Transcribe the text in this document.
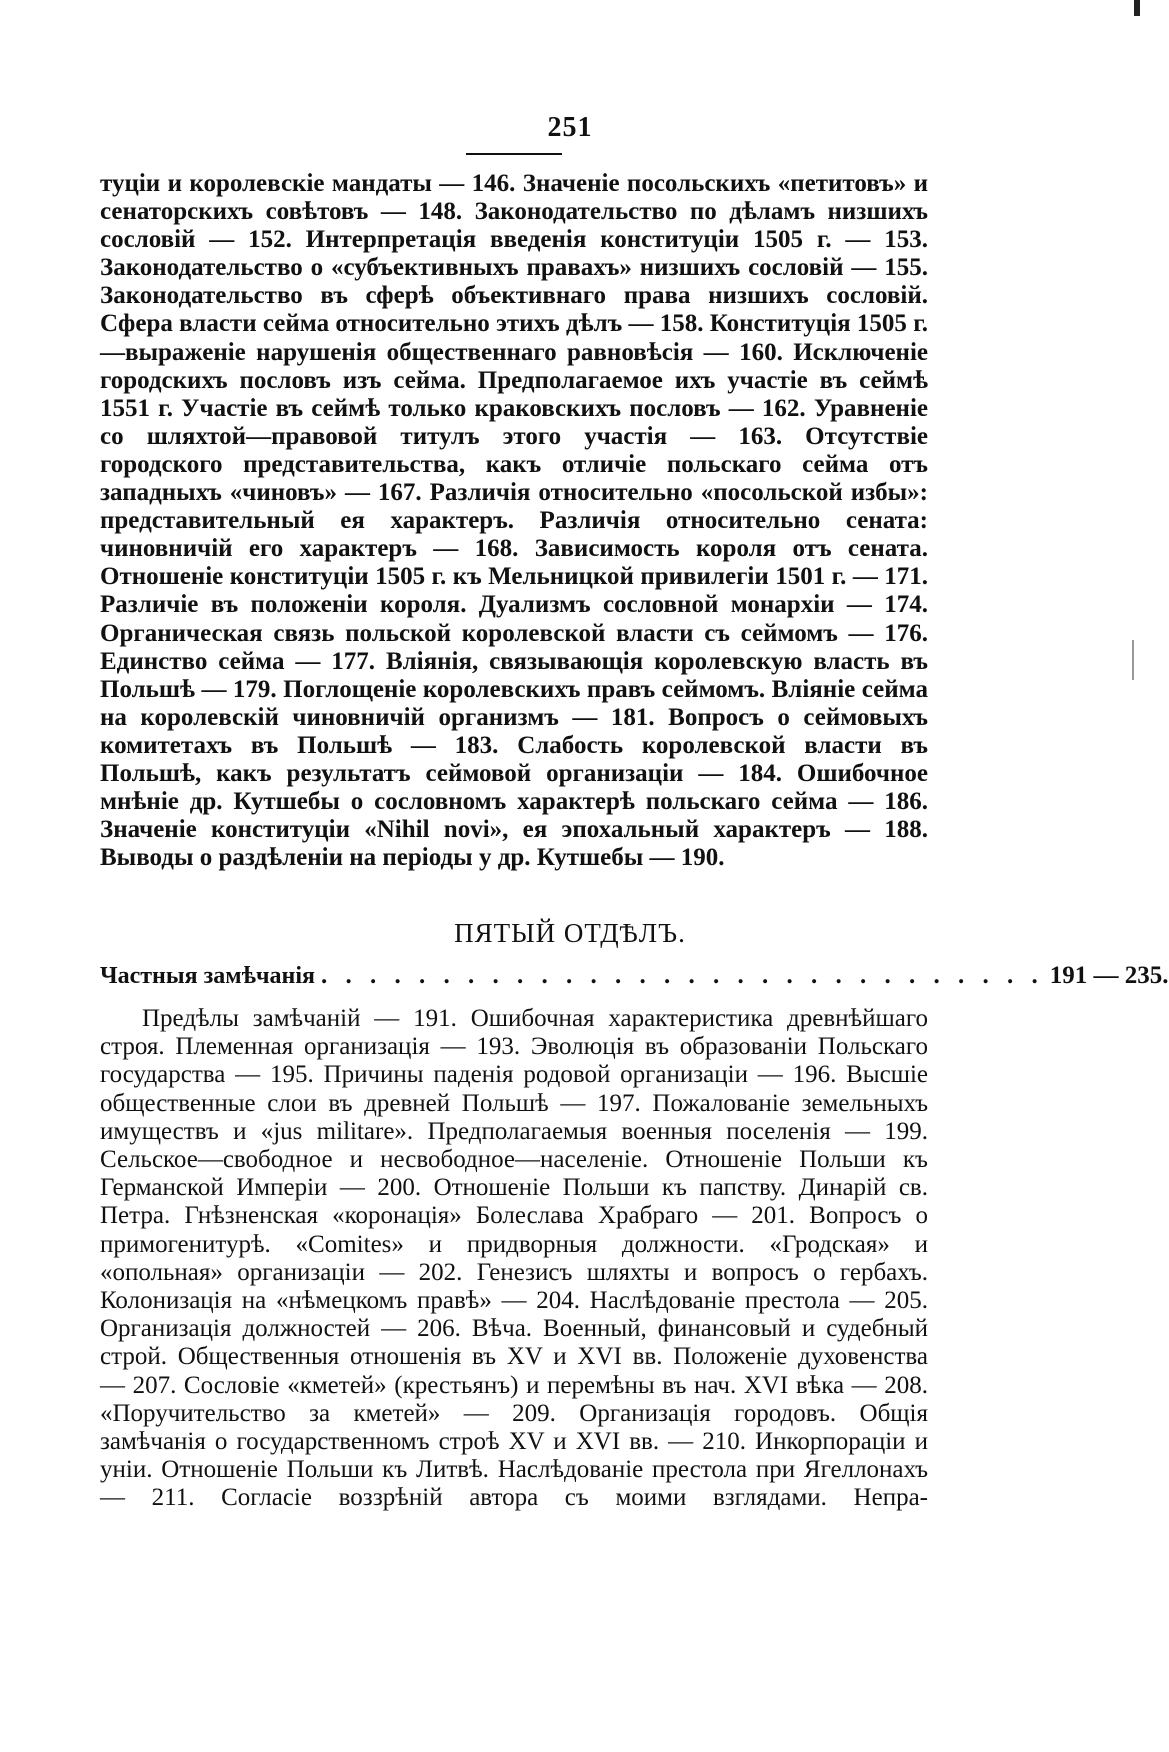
251
туціи и королевскіе мандаты — 146. Значеніе посольскихъ «петитовъ» и сенаторскихъ совѣтовъ — 148. Законодательство по дѣламъ низшихъ сословій — 152. Интерпретація введенія конституціи 1505 г. — 153. Законодательство о «субъективныхъ правахъ» низшихъ сословій — 155. Законодательство въ сферѣ объективнаго права низшихъ сословій. Сфера власти сейма относительно этихъ дѣлъ — 158. Конституція 1505 г.—выраженіе нарушенія общественнаго равновѣсія — 160. Исключеніе городскихъ пословъ изъ сейма. Предполагаемое ихъ участіе въ сеймѣ 1551 г. Участіе въ сеймѣ только краковскихъ пословъ — 162. Уравненіе со шляхтой—правовой титулъ этого участія — 163. Отсутствіе городского представительства, какъ отличіе польскаго сейма отъ западныхъ «чиновъ» — 167. Различія относительно «посольской избы»: представительный ея характеръ. Различія относительно сената: чиновничій его характеръ — 168. Зависимость короля отъ сената. Отношеніе конституціи 1505 г. къ Мельницкой привилегіи 1501 г. — 171. Различіе въ положеніи короля. Дуализмъ сословной монархіи — 174. Органическая связь польской королевской власти съ сеймомъ — 176. Единство сейма — 177. Вліянія, связывающія королевскую власть въ Польшѣ — 179. Поглощеніе королевскихъ правъ сеймомъ. Вліяніе сейма на королевскій чиновничій организмъ — 181. Вопросъ о сеймовыхъ комитетахъ въ Польшѣ — 183. Слабость королевской власти въ Польшѣ, какъ результатъ сеймовой организаціи — 184. Ошибочное мнѣніе др. Кутшебы о сословномъ характерѣ польскаго сейма — 186. Значеніе конституціи «Nihil novi», ея эпохальный характеръ — 188. Выводы о раздѣленіи на періоды у др. Кутшебы — 190.
ПЯТЫЙ ОТДѢЛЪ.
Частныя замѣчанія . . . . . . . . . . . . . . . . . . . . . . . . . . . . . . 191 — 235.
Предѣлы замѣчаній — 191. Ошибочная характеристика древнѣйшаго строя. Племенная организація — 193. Эволюція въ образованіи Польскаго государства — 195. Причины паденія родовой организаціи — 196. Высшіе общественные слои въ древней Польшѣ — 197. Пожалованіе земельныхъ имуществъ и «jus militare». Предполагаемыя военныя поселенія — 199. Сельское—свободное и несвободное—населеніе. Отношеніе Польши къ Германской Имперіи — 200. Отношеніе Польши къ папству. Динарій св. Петра. Гнѣзненская «коронація» Болеслава Храбраго — 201. Вопросъ о примогенитурѣ. «Comites» и придворныя должности. «Гродская» и «опольная» организаціи — 202. Генезисъ шляхты и вопросъ о гербахъ. Колонизація на «нѣмецкомъ правѣ» — 204. Наслѣдованіе престола — 205. Организація должностей — 206. Вѣча. Военный, финансовый и судебный строй. Общественныя отношенія въ XV и XVI вв. Положеніе духовенства — 207. Сословіе «кметей» (крестьянъ) и перемѣны въ нач. XVI вѣка — 208. «Поручительство за кметей» — 209. Организація городовъ. Общія замѣчанія о государственномъ строѣ XV и XVI вв. — 210. Инкорпораціи и уніи. Отношеніе Польши къ Литвѣ. Наслѣдованіе престола при Ягеллонахъ — 211. Согласіе воззрѣній автора съ моими взглядами. Непра-
